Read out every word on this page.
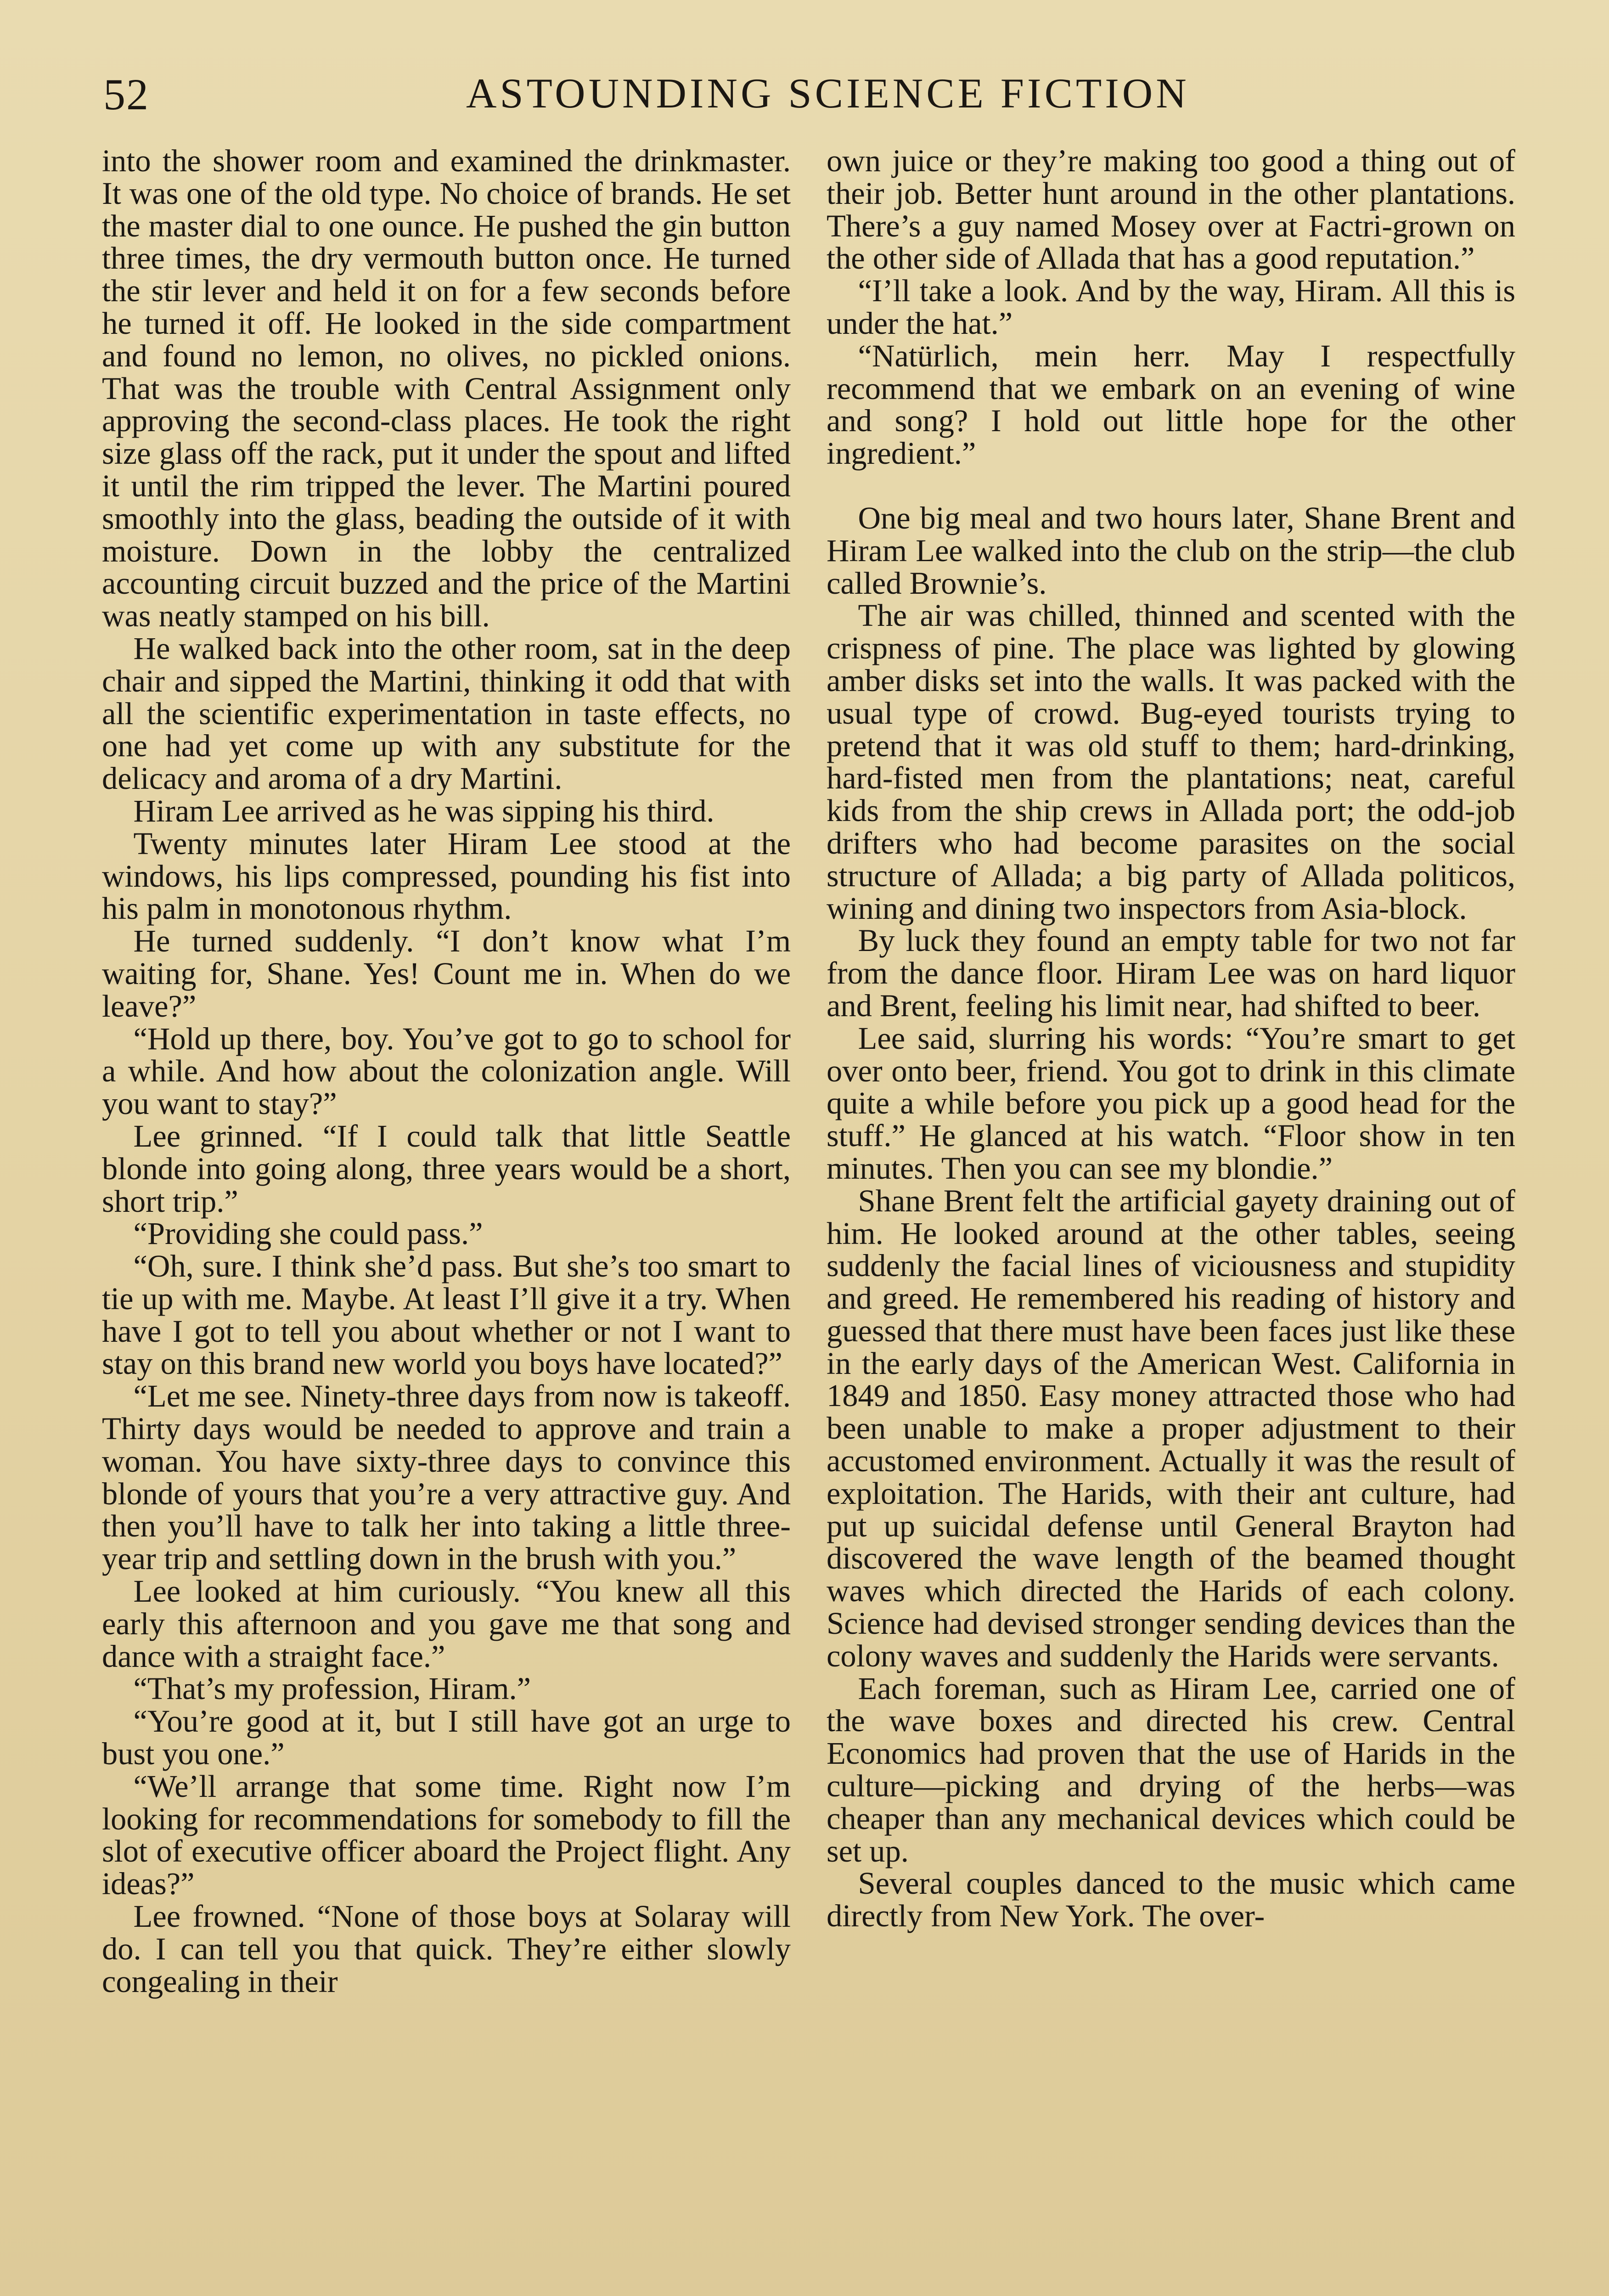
52	ASTOUNDING SCIENCE FICTION

into the shower room and examined the drinkmaster. It was one of the old type. No choice of brands. He set the master dial to one ounce. He pushed the gin button three times, the dry vermouth button once. He turned the stir lever and held it on for a few seconds before he turned it off. He looked in the side compartment and found no lemon, no olives, no pickled onions. That was the trouble with Central Assignment only approving the second-class places. He took the right size glass off the rack, put it under the spout and lifted it until the rim tripped the lever. The Martini poured smoothly into the glass, beading the outside of it with moisture. Down in the lobby the centralized accounting circuit buzzed and the price of the Martini was neatly stamped on his bill.

He walked back into the other room, sat in the deep chair and sipped the Martini, thinking it odd that with all the scientific experimentation in taste effects, no one had yet come up with any substitute for the delicacy and aroma of a dry Martini.

Hiram Lee arrived as he was sipping his third.

Twenty minutes later Hiram Lee stood at the windows, his lips compressed, pounding his fist into his palm in monotonous rhythm.

He turned suddenly. “I don’t know what I’m waiting for, Shane. Yes! Count me in. When do we leave?”

“Hold up there, boy. You’ve got to go to school for a while. And how about the colonization angle. Will you want to stay?”

Lee grinned. “If I could talk that little Seattle blonde into going along, three years would be a short, short trip.”

“Providing she could pass.”

“Oh, sure. I think she’d pass. But she’s too smart to tie up with me. Maybe. At least I’ll give it a try. When have I got to tell you about whether or not I want to stay on this brand new world you boys have located?”

“Let me see. Ninety-three days from now is takeoff. Thirty days would be needed to approve and train a woman. You have sixty-three days to convince this blonde of yours that you’re a very attractive guy. And then you’ll have to talk her into taking a little three-year trip and settling down in the brush with you.”

Lee looked at him curiously. “You knew all this early this afternoon and you gave me that song and dance with a straight face.”

“That’s my profession, Hiram.”

“You’re good at it, but I still have got an urge to bust you one.”

“We’ll arrange that some time. Right now I’m looking for recommendations for somebody to fill the slot of executive officer aboard the Project flight. Any ideas?”

Lee frowned. “None of those boys at Solaray will do. I can tell you that quick. They’re either slowly congealing in their

own juice or they’re making too good a thing out of their job. Better hunt around in the other plantations. There’s a guy named Mosey over at Factri-grown on the other side of Allada that has a good reputation.”

“I’ll take a look. And by the way, Hiram. All this is under the hat.”

“Natürlich, mein herr. May I respectfully recommend that we embark on an evening of wine and song? I hold out little hope for the other ingredient.”

One big meal and two hours later, Shane Brent and Hiram Lee walked into the club on the strip—the club called Brownie’s.

The air was chilled, thinned and scented with the crispness of pine. The place was lighted by glowing amber disks set into the walls. It was packed with the usual type of crowd. Bug-eyed tourists trying to pretend that it was old stuff to them; hard-drinking, hard-fisted men from the plantations; neat, careful kids from the ship crews in Allada port; the odd-job drifters who had become parasites on the social structure of Allada; a big party of Allada politicos, wining and dining two inspectors from Asia-block.

By luck they found an empty table for two not far from the dance floor. Hiram Lee was on hard liquor and Brent, feeling his limit near, had shifted to beer.

Lee said, slurring his words: “You’re smart to get over onto beer, friend. You got to drink in this climate quite a while before you pick up a good head for the stuff.” He glanced at his watch. “Floor show in ten minutes. Then you can see my blondie.”

Shane Brent felt the artificial gayety draining out of him. He looked around at the other tables, seeing suddenly the facial lines of viciousness and stupidity and greed. He remembered his reading of history and guessed that there must have been faces just like these in the early days of the American West. California in 1849 and 1850. Easy money attracted those who had been unable to make a proper adjustment to their accustomed environment. Actually it was the result of exploitation. The Harids, with their ant culture, had put up suicidal defense until General Brayton had discovered the wave length of the beamed thought waves which directed the Harids of each colony. Science had devised stronger sending devices than the colony waves and suddenly the Harids were servants.

Each foreman, such as Hiram Lee, carried one of the wave boxes and directed his crew. Central Economics had proven that the use of Harids in the culture—picking and drying of the herbs—was cheaper than any mechanical devices which could be set up.

Several couples danced to the music which came directly from New York. The over-
